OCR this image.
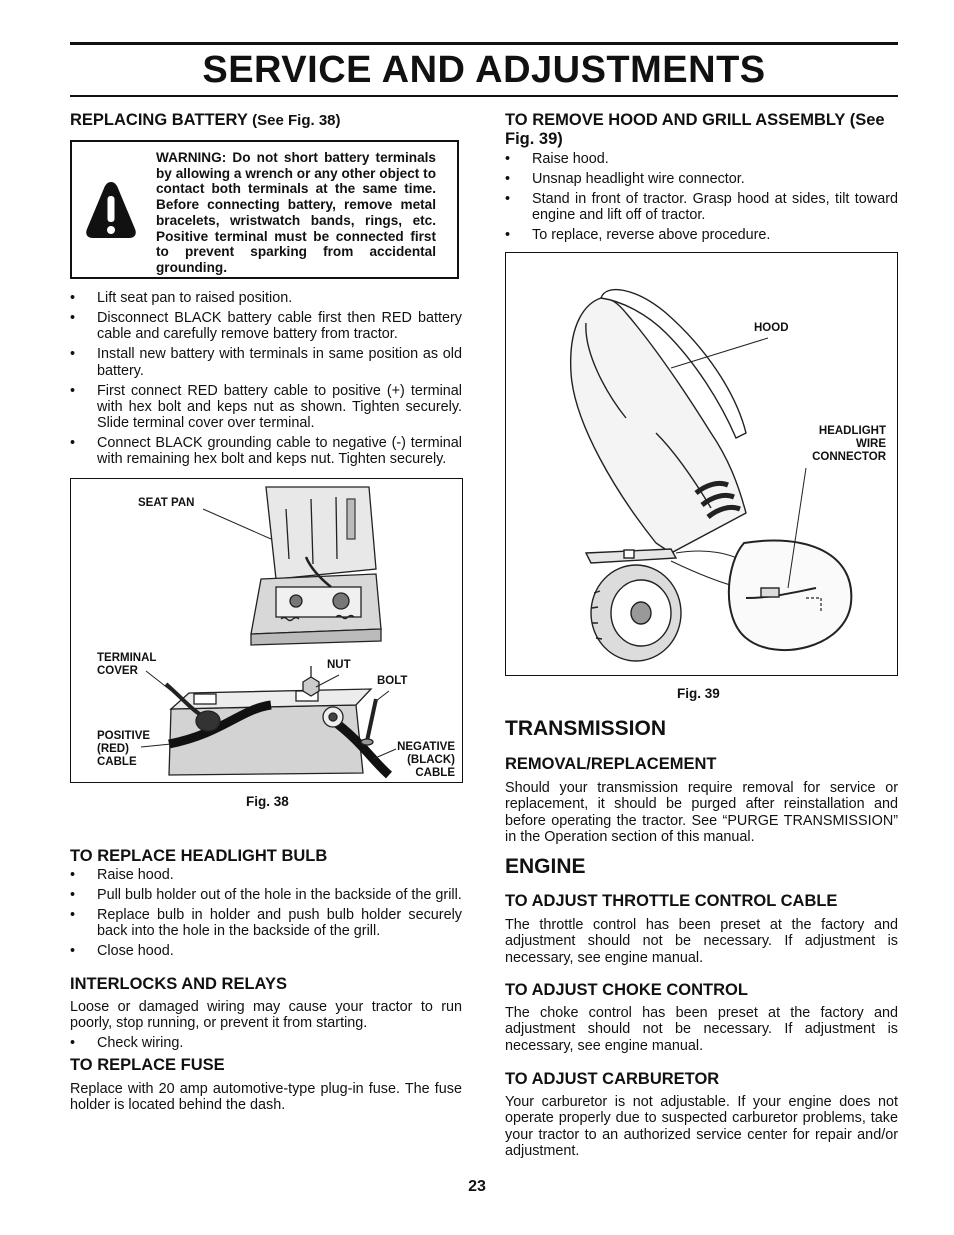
SERVICE AND ADJUSTMENTS
REPLACING BATTERY (See Fig. 38)
WARNING: Do not short battery terminals by allowing a wrench or any other object to contact both terminals at the same time. Before connecting battery, remove metal bracelets, wristwatch bands, rings, etc. Positive terminal must be connected first to prevent sparking from accidental grounding.
• Lift seat pan to raised position.
• Disconnect BLACK battery cable first then RED battery cable and carefully remove battery from tractor.
• Install new battery with terminals in same position as old battery.
• First connect RED battery cable to positive (+) terminal with hex bolt and keps nut as shown. Tighten securely. Slide terminal cover over terminal.
• Connect BLACK grounding cable to negative (-) terminal with remaining hex bolt and keps nut. Tighten securely.
SEAT PAN
TERMINAL COVER	NUT
BOLT
POSITIVE (RED) CABLE
NEGATIVE (BLACK) CABLE
Fig. 38
TO REPLACE HEADLIGHT BULB
• Raise hood.
• Pull bulb holder out of the hole in the backside of the grill.
• Replace bulb in holder and push bulb holder securely back into the hole in the backside of the grill.
• Close hood.
INTERLOCKS AND RELAYS
Loose or damaged wiring may cause your tractor to run poorly, stop running, or prevent it from starting.
• Check wiring.
TO REPLACE FUSE
Replace with 20 amp automotive-type plug-in fuse. The fuse holder is located behind the dash.
TO REMOVE HOOD AND GRILL ASSEMBLY (See Fig. 39)
• Raise hood.
• Unsnap headlight wire connector.
• Stand in front of tractor. Grasp hood at sides, tilt toward engine and lift off of tractor.
• To replace, reverse above procedure.
HOOD
HEADLIGHT WIRE CONNECTOR
Fig. 39
TRANSMISSION
REMOVAL/REPLACEMENT
Should your transmission require removal for service or replacement, it should be purged after reinstallation and before operating the tractor. See “PURGE TRANSMISSION” in the Operation section of this manual.
ENGINE
TO ADJUST THROTTLE CONTROL CABLE
The throttle control has been preset at the factory and adjustment should not be necessary. If adjustment is necessary, see engine manual.
TO ADJUST CHOKE CONTROL
The choke control has been preset at the factory and adjustment should not be necessary. If adjustment is necessary, see engine manual.
TO ADJUST CARBURETOR
Your carburetor is not adjustable. If your engine does not operate properly due to suspected carburetor problems, take your tractor to an authorized service center for repair and/or adjustment.
23
